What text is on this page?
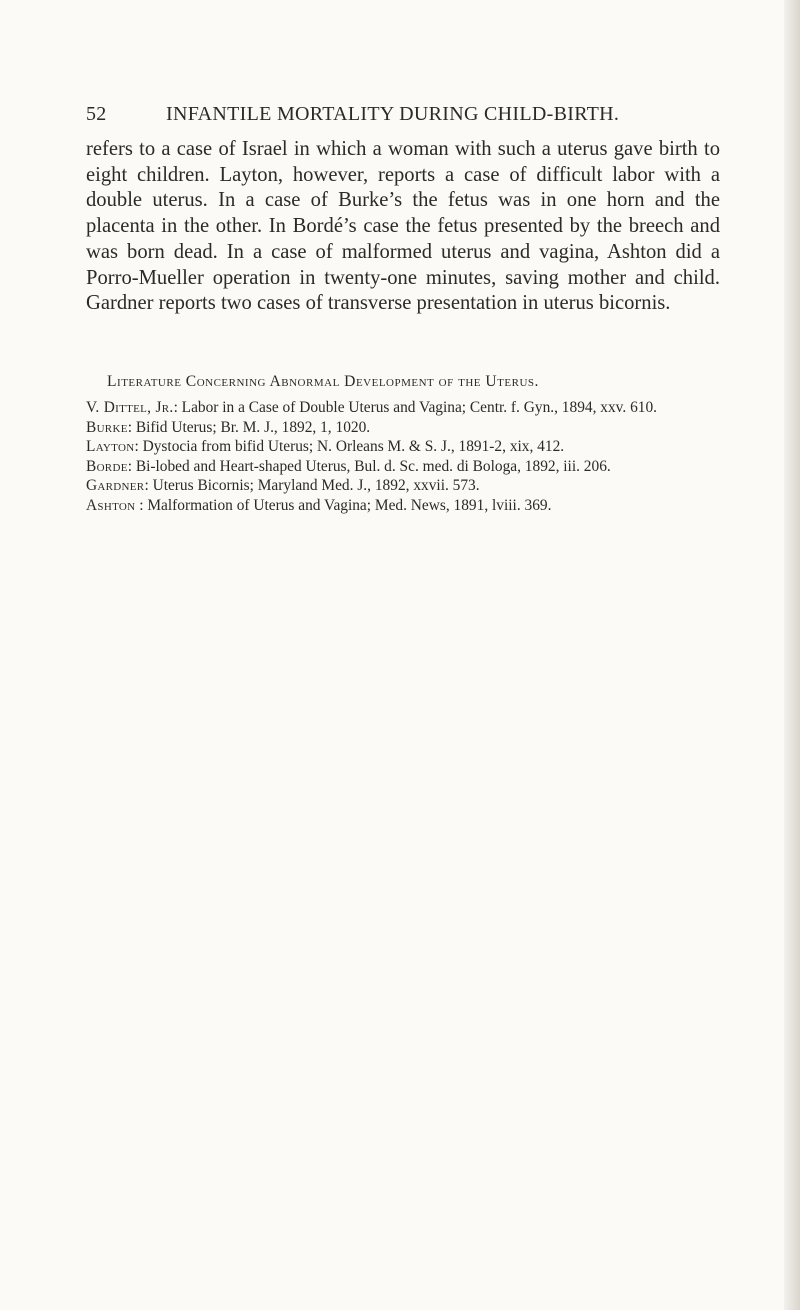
52	INFANTILE MORTALITY DURING CHILD-BIRTH.

refers to a case of Israel in which a woman with such a uterus gave birth to eight children. Layton, however, reports a case of difficult labor with a double uterus. In a case of Burke’s the fetus was in one horn and the placenta in the other. In Bordé’s case the fetus presented by the breech and was born dead. In a case of malformed uterus and vagina, Ashton did a Porro-Mueller operation in twenty-one minutes, saving mother and child. Gardner reports two cases of transverse presentation in uterus bicornis.

Literature Concerning Abnormal Development of the Uterus.
V. Dittel, Jr.: Labor in a Case of Double Uterus and Vagina; Centr. f. Gyn., 1894, xxv. 610.
Burke: Bifid Uterus; Br. M. J., 1892, 1, 1020.
Layton: Dystocia from bifid Uterus; N. Orleans M. & S. J., 1891-2, xix, 412.
Borde: Bi-lobed and Heart-shaped Uterus, Bul. d. Sc. med. di Bologa, 1892, iii. 206.
Gardner: Uterus Bicornis; Maryland Med. J., 1892, xxvii. 573.
Ashton : Malformation of Uterus and Vagina; Med. News, 1891, lviii. 369.
